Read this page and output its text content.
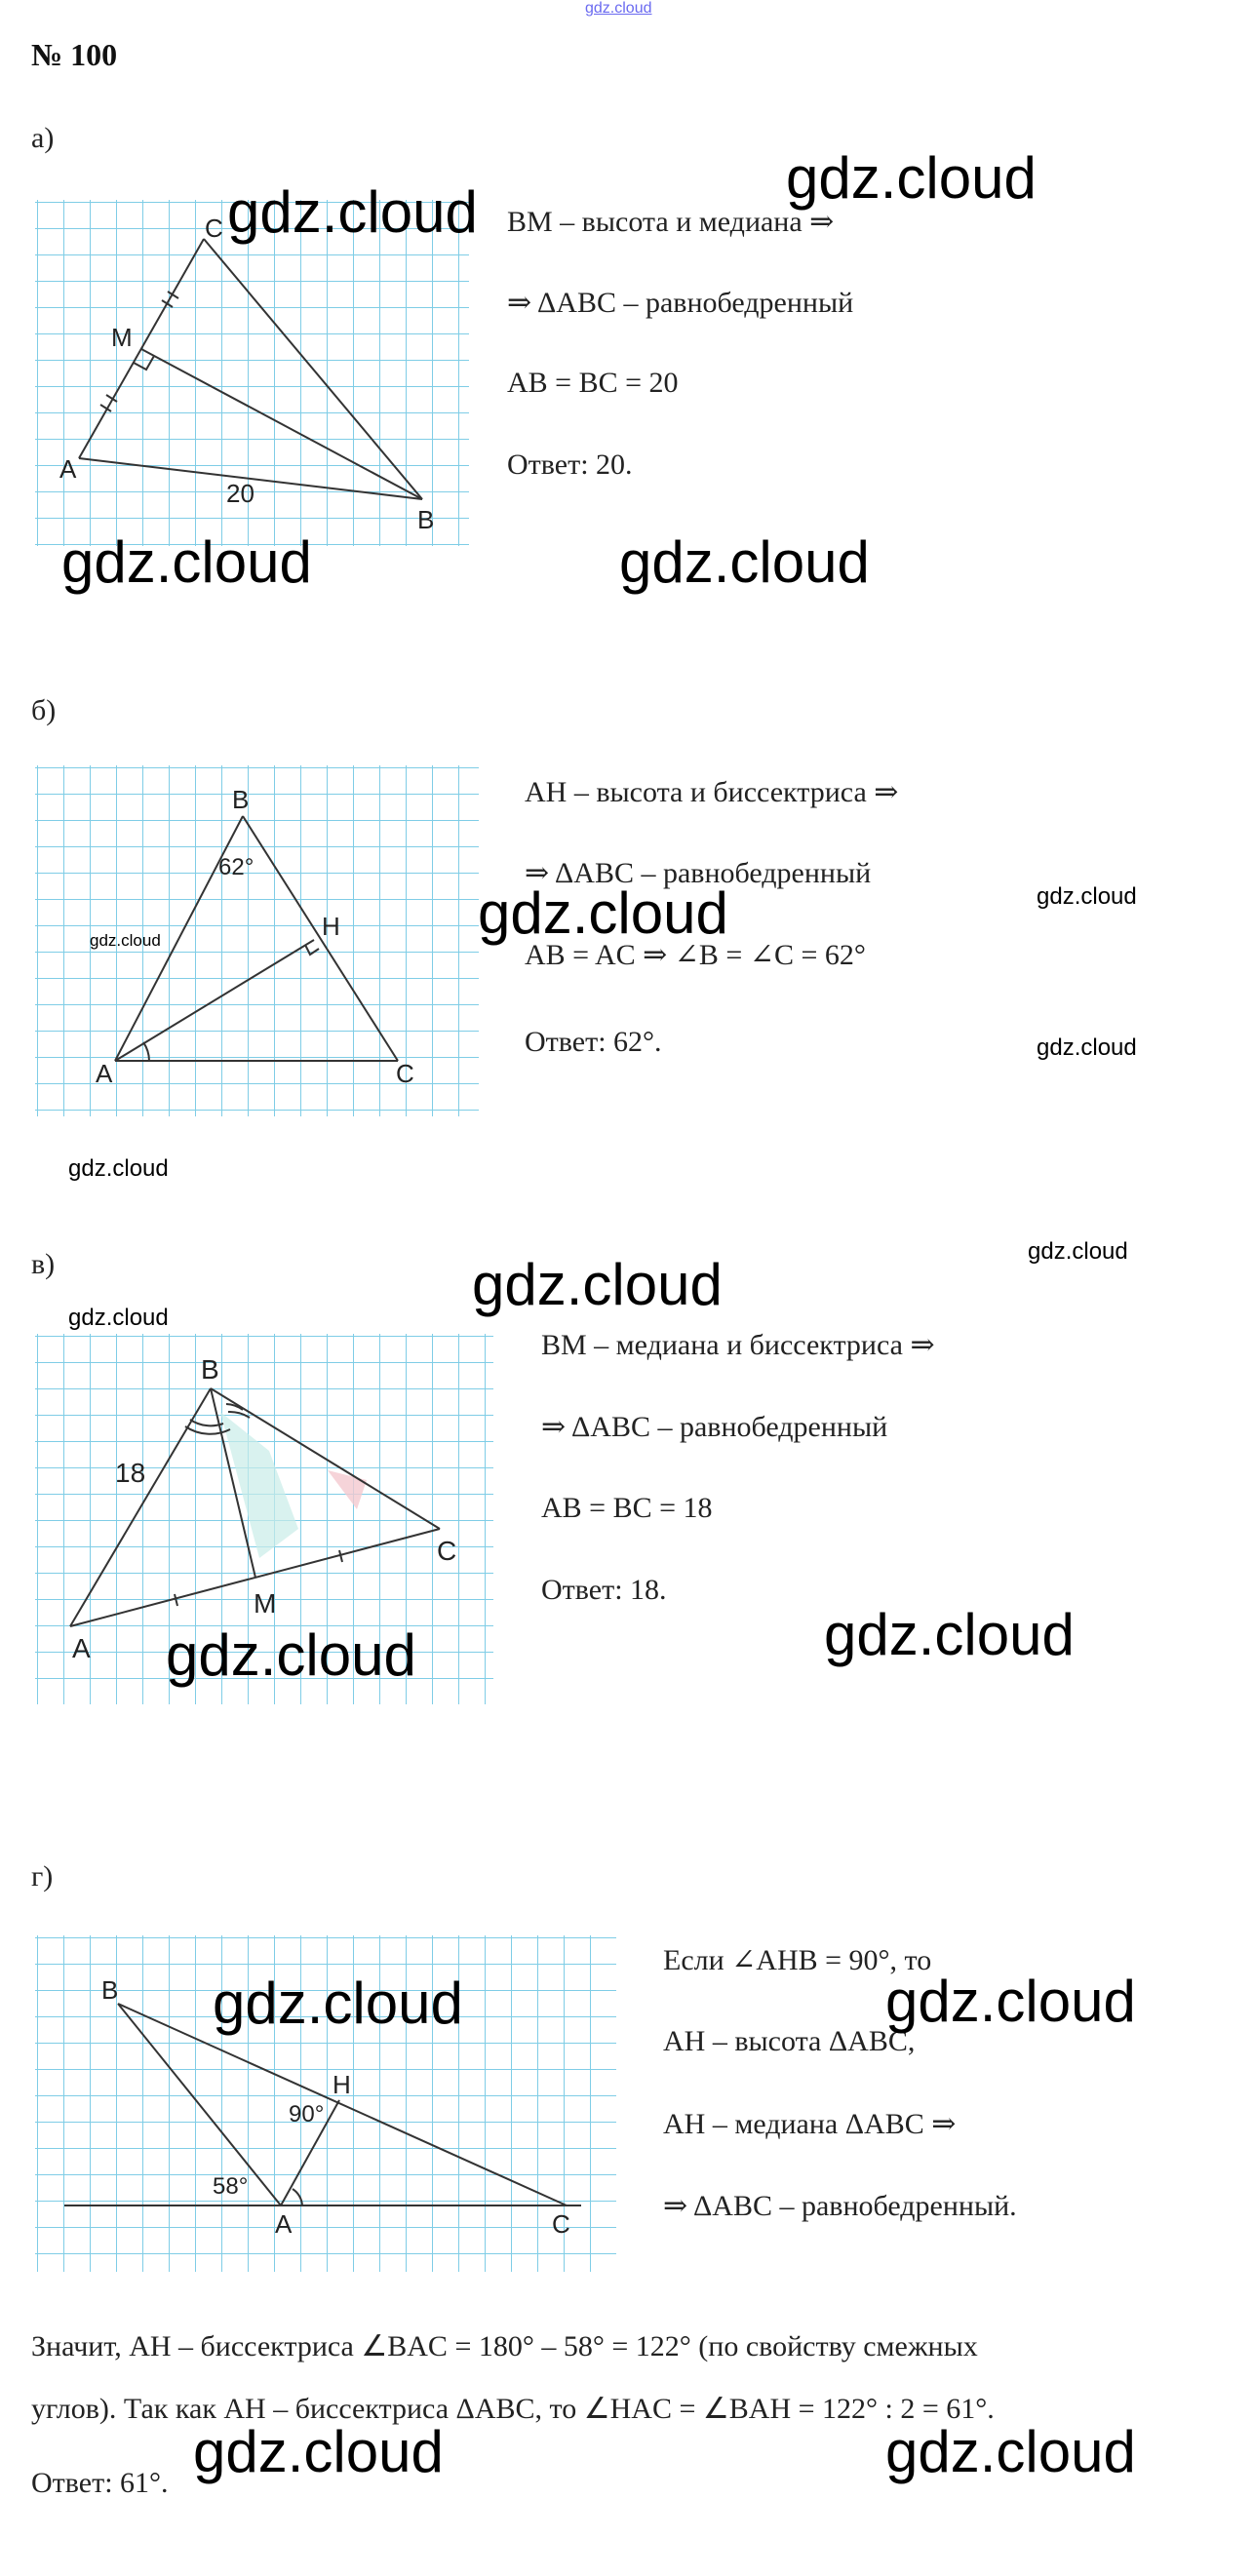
gdz.cloud
№ 100
а)
C
M
A
B
20
BM – высота и медиана ⇒
⇒ ΔABC – равнобедренный
AB = BC = 20
Ответ: 20.
б)
B
62°
H
A	C
gdz.cloud
AH – высота и биссектриса ⇒
⇒ ΔABC – равнобедренный
AB = AC ⇒ ∠B = ∠C = 62°
Ответ: 62°.
в)
B
18
C
M
A
BM – медиана и биссектриса ⇒
⇒ ΔABC – равнобедренный
AB = BC = 18
Ответ: 18.
г)
B
H
90°
58°
A	C
Если ∠AHB = 90°, то
AH – высота ΔABC,
AH – медиана ΔABC ⇒
⇒ ΔABC – равнобедренный.
Значит, AH – биссектриса ∠BAC = 180° – 58° = 122° (по свойству смежных
углов). Так как AH – биссектриса ΔABC, то ∠HAC = ∠BAH = 122° : 2 = 61°.
Ответ: 61°.
gdz.cloud
gdz.cloud
gdz.cloud	gdz.cloud
gdz.cloud	gdz.cloud
gdz.cloud
gdz.cloud
gdz.cloud
gdz.cloud
gdz.cloud
gdz.cloud	gdz.cloud
gdz.cloud	gdz.cloud
gdz.cloud	gdz.cloud
